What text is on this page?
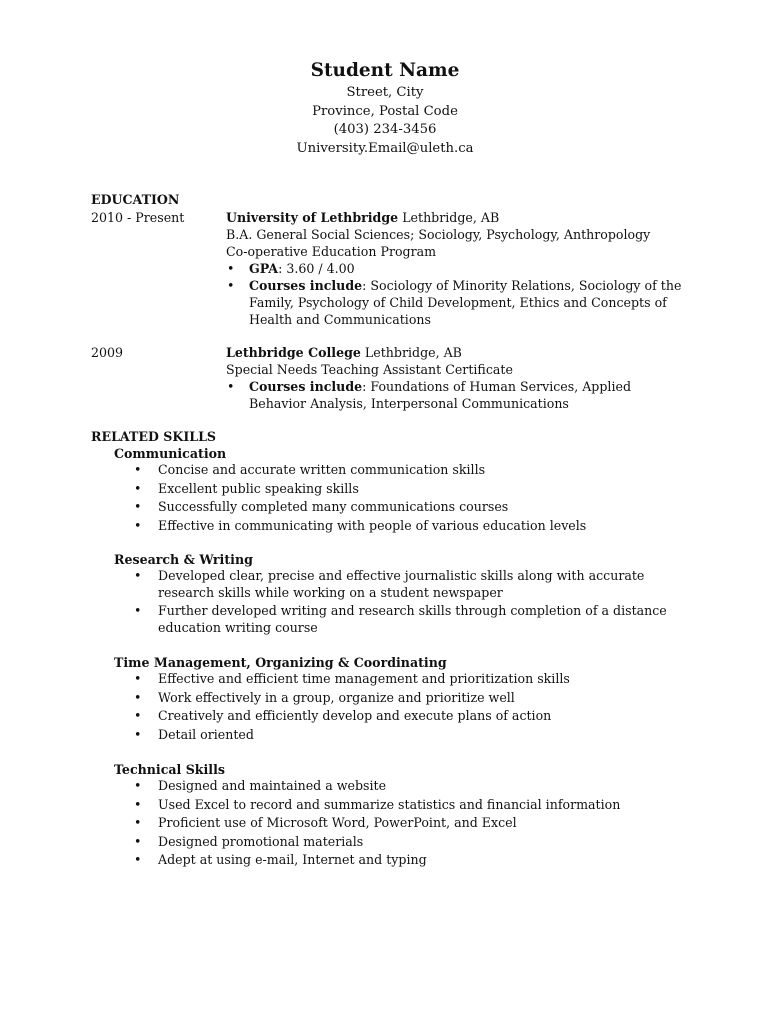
Student Name
Street, City
Province, Postal Code
(403) 234-3456
University.Email@uleth.ca
EDUCATION
2010 - Present	University of Lethbridge Lethbridge, AB
B.A. General Social Sciences; Sociology, Psychology, Anthropology
Co-operative Education Program
• GPA: 3.60 / 4.00
• Courses include: Sociology of Minority Relations, Sociology of the Family, Psychology of Child Development, Ethics and Concepts of Health and Communications
2009	Lethbridge College Lethbridge, AB
Special Needs Teaching Assistant Certificate
• Courses include: Foundations of Human Services, Applied Behavior Analysis, Interpersonal Communications
RELATED SKILLS
Communication
• Concise and accurate written communication skills
• Excellent public speaking skills
• Successfully completed many communications courses
• Effective in communicating with people of various education levels
Research & Writing
• Developed clear, precise and effective journalistic skills along with accurate research skills while working on a student newspaper
• Further developed writing and research skills through completion of a distance education writing course
Time Management, Organizing & Coordinating
• Effective and efficient time management and prioritization skills
• Work effectively in a group, organize and prioritize well
• Creatively and efficiently develop and execute plans of action
• Detail oriented
Technical Skills
• Designed and maintained a website
• Used Excel to record and summarize statistics and financial information
• Proficient use of Microsoft Word, PowerPoint, and Excel
• Designed promotional materials
• Adept at using e-mail, Internet and typing
